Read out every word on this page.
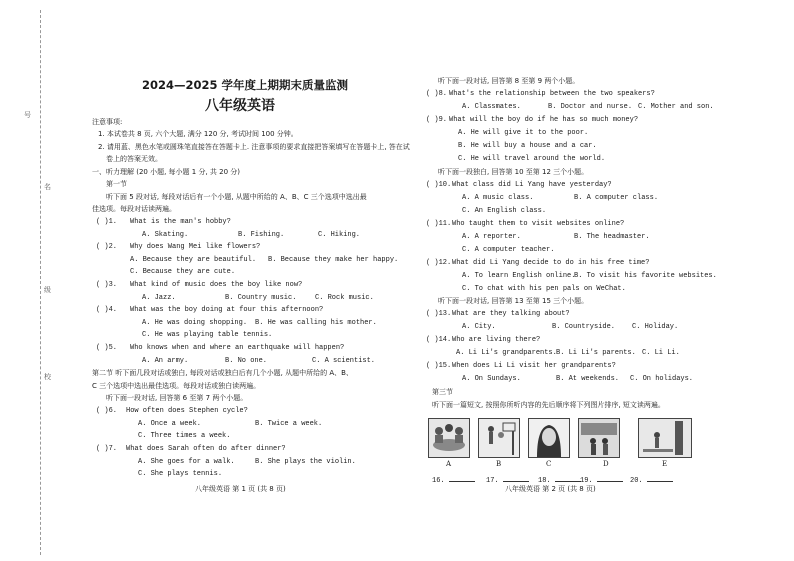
号
名
级
校
2024—2025 学年度上期期末质量监测
八年级英语
注意事项:
1. 本试卷共 8 页, 六个大题, 满分 120 分, 考试时间 100 分钟。
2. 请用蓝、黑色水笔或圆珠笔直接答在答题卡上. 注意事项的要求直接把答案填写在答题卡上, 答在试
卷上的答案无效。
一、听力理解 (20 小题, 每小题 1 分, 共 20 分)
第一节
听下面 5 段对话, 每段对话后有一个小题, 从题中所给的 A、B、C 三个选项中选出最
佳选项。每段对话读两遍。
( )1. What is the man's hobby?
A. Skating.	B. Fishing.	C. Hiking.
( )2. Why does Wang Mei like flowers?
A. Because they are beautiful. B. Because they make her happy.
C. Because they are cute.
( )3. What kind of music does the boy like now?
A. Jazz.	B. Country music.	C. Rock music.
( )4. What was the boy doing at four this afternoon?
A. He was doing shopping. B. He was calling his mother.
C. He was playing table tennis.
( )5. Who knows when and where an earthquake will happen?
A. An army.	B. No one.	C. A scientist.
第二节 听下面几段对话或独白, 每段对话或独白后有几个小题, 从题中所给的 A、B、
C 三个选项中选出最佳选项。每段对话或独白读两遍。
听下面一段对话, 回答第 6 至第 7 两个小题。
( )6. How often does Stephen cycle?
A. Once a week.	B. Twice a week.
C. Three times a week.
( )7. What does Sarah often do after dinner?
A. She goes for a walk.	B. She plays the violin.
C. She plays tennis.
八年级英语 第 1 页 (共 8 页)
听下面一段对话, 回答第 8 至第 9 两个小题。
( )8. What's the relationship between the two speakers?
A. Classmates.	B. Doctor and nurse. C. Mother and son.
( )9. What will the boy do if he has so much money?
A. He will give it to the poor.
B. He will buy a house and a car.
C. He will travel around the world.
听下面一段独白, 回答第 10 至第 12 三个小题。
( )10. What class did Li Yang have yesterday?
A. A music class.	B. A computer class.
C. An English class.
( )11. Who taught them to visit websites online?
A. A reporter.	B. The headmaster.
C. A computer teacher.
( )12. What did Li Yang decide to do in his free time?
A. To learn English online.
B. To visit his favorite websites.
C. To chat with his pen pals on WeChat.
听下面一段对话, 回答第 13 至第 15 三个小题。
( )13. What are they talking about?
A. City.	B. Countryside. C. Holiday.
( )14. Who are living there?
A. Li Li's grandparents. B. Li Li's parents. C. Li Li.
( )15. When does Li Li visit her grandparents?
A. On Sundays.	B. At weekends. C. On holidays.
第三节
听下面一篇短文, 按照你所听内容的先后顺序将下列图片排序, 短文读两遍。
A	B	C	D	E
16.	17.	18.	19.	20.
八年级英语 第 2 页 (共 8 页)
